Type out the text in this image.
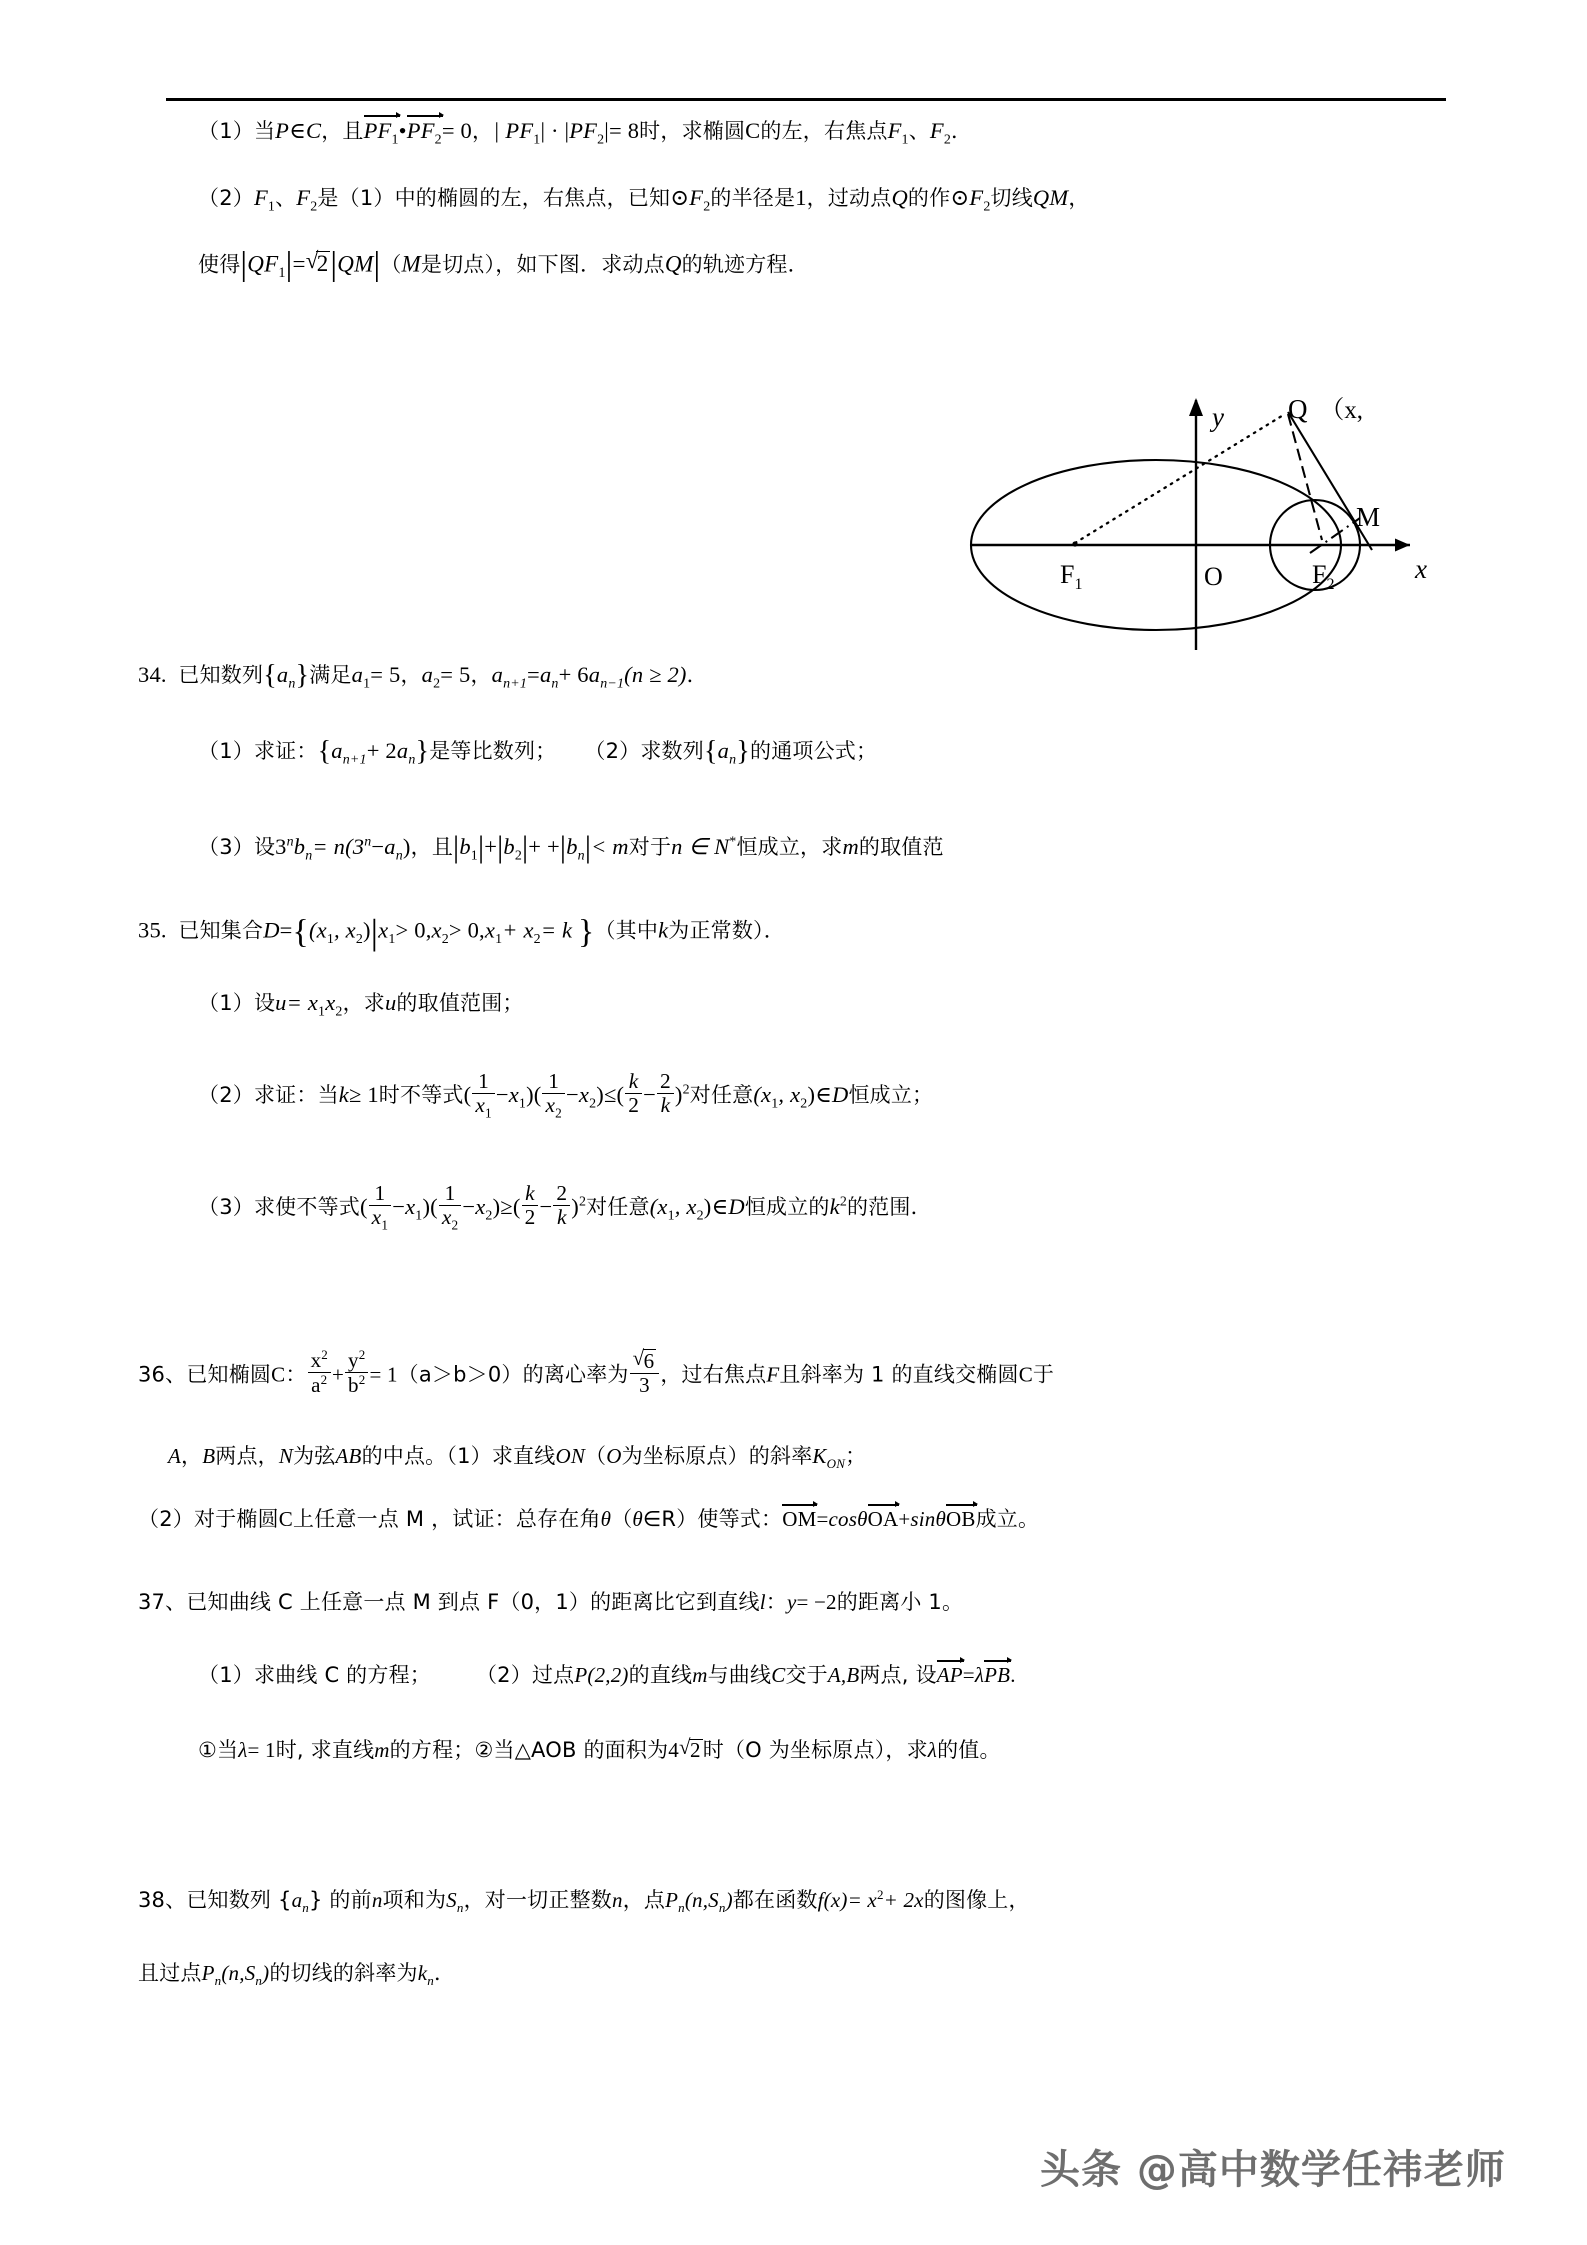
（1）当P∈C，且$PF_1•PF_2= 0$，| $PF_1| \cdot |PF_2|= 8$时，求椭圆C的左，右焦点$F_1$、$F_2$．
$(2)F_1$、$F_2$是（1）中的椭圆的左，右焦点，已知$⊙F_2$的半径是1，过动点Q的作$⊙F_2$切线QM，
使得$|QF_1|=$ √ 2|QM|（M是切点），如下图．求动点Q的轨迹方程．
y
x
O
$F_1$	$F_2$
Q （x,
M
34. 已知数列$\{a_n\}$满足$a_1= 5$，$a_2= 5$，$a_{n+1}=a_n+ 6a_{n-1}(n \ge 2)$．
（1）求证：$\{a_{n+1}+ 2a_n\}$是等比数列； （2）求数列$\{a_n\}$的通项公式；
（3）设$3^nb_n= n(3^n-a_n)$，且$|b_1|+|b_2|+ +|b_n|< m$对于n ∈ N*恒成立，求m的取值范
35. 已知集合$D=\{(x_1$, $x_2)|x_1> 0,x_2> 0,x_1+ x_2= k$ }（其中k为正常数）．
（1）设$u= x_1x_2$，求u的取值范围；
（2）求证：当k≥ 1时不等式( $\frac{1}{x_1} -x_1)( \frac{1}{x_2} -x_2)\le( \frac{k}{2} - \frac{2}{k} )^2$对任意($x_1$, $x_2)\in D$恒成立；
（3）求使不等式( $\frac{1}{x_1} -x_1)( \frac{1}{x_2} -x_2)\ge( \frac{k}{2} - \frac{2}{k} )^2$对任意($x_1$, $x_2)\in D$恒成立的$k^2$的范围．
36、已知椭圆C： $\frac{x^2}{a^2} + \frac{y^2}{b^2} = 1(a>b>0)$的离心率为 √ $\frac{6}{3}$ ，过右焦点F且斜率为 1 的直线交椭圆C于
A，B两点，N为弦AB的中点。（1）求直线ON（O为坐标原点）的斜率$K_{ON}$；
（2）对于椭圆C上任意一点 M ，试证：总存在角θ（θ∈R）使等式：OM=cosθOA+sinθOB成立。
37、已知曲线 C 上任意一点 M 到点 F（0，1）的距离比它到直线l：y= −2的距离小 1。
（1）求曲线 C 的方程； （2）过点P(2,2)的直线m与曲线C交于A,B两点, 设AP=λPB.
①当λ= 1时, 求直线m的方程；②当△AOB 的面积为4 √ 2时（O 为坐标原点），求λ的值。
38、已知数列 $\{a_n\}$ 的前n项和为$S_n$，对一切正整数n，点$P_n(n,S_n)$都在函数$f(x)= x^2+ 2x$的图像上，
且过点$P_n(n,S_n)$的切线的斜率为$k_n$．
头条 @高中数学任祎老师
